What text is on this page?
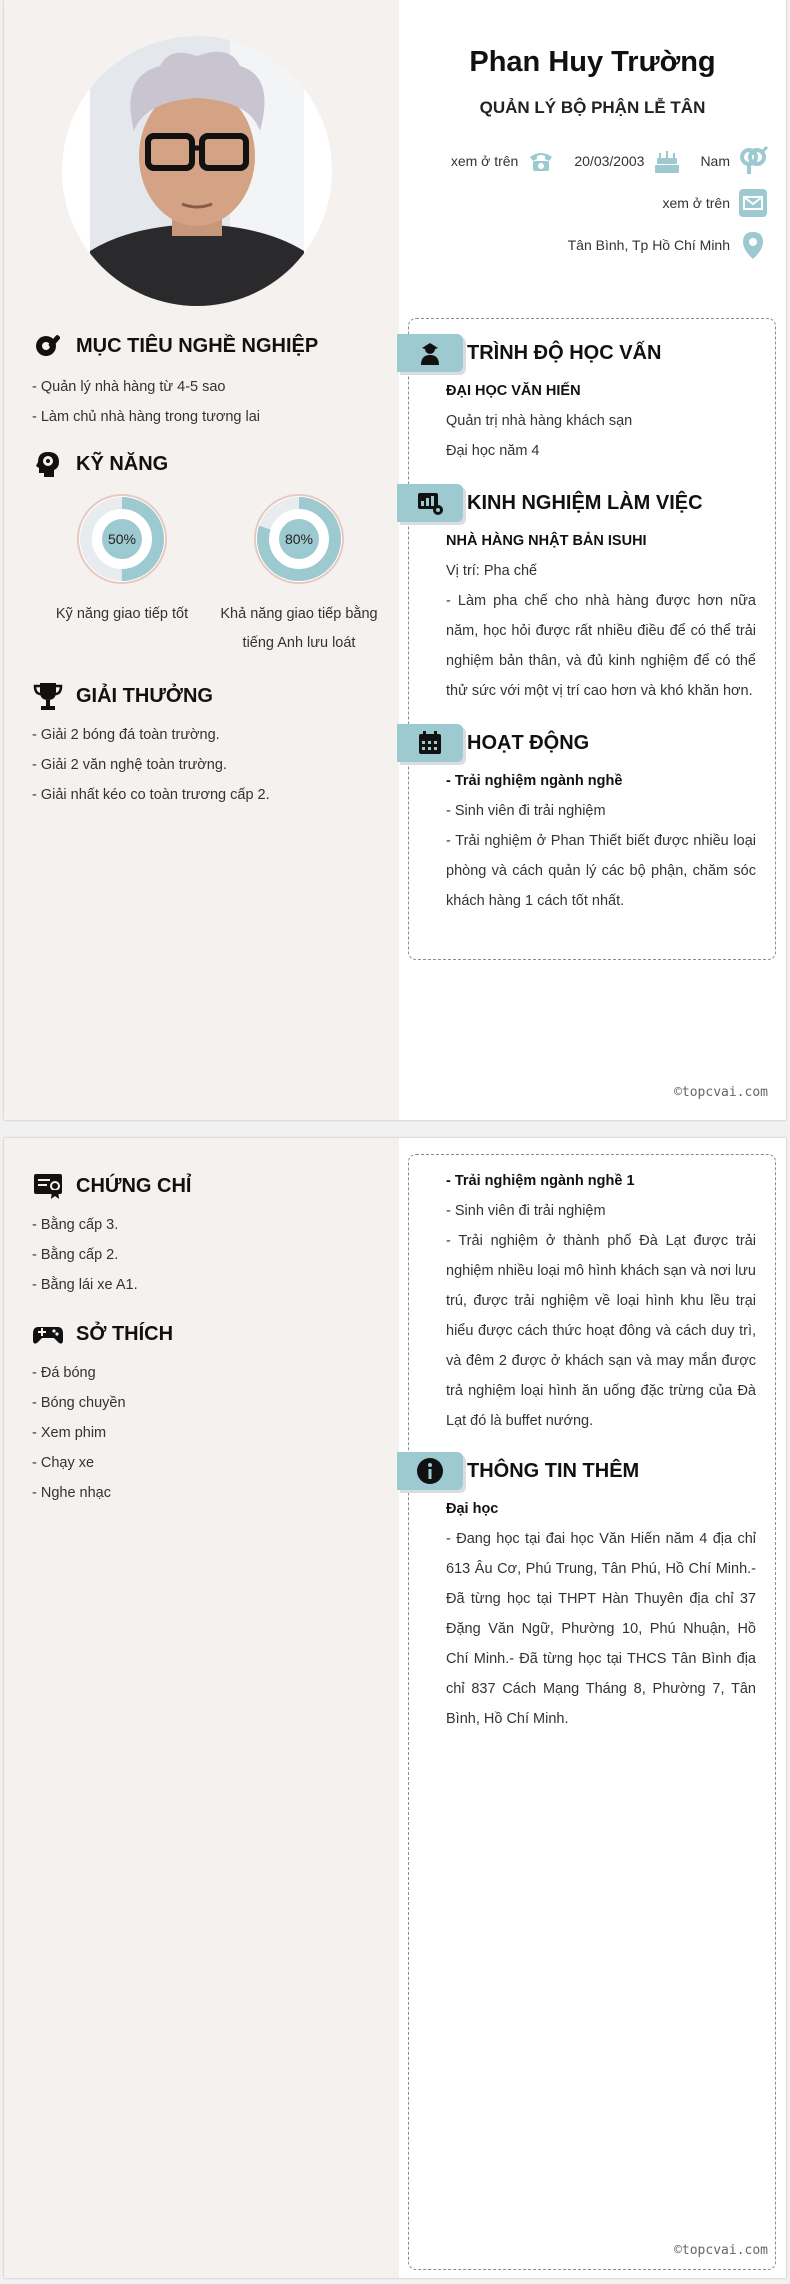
Phan Huy Trường
QUẢN LÝ BỘ PHẬN LỄ TÂN
xem ở trên	20/03/2003	Nam
xem ở trên
Tân Bình, Tp Hồ Chí Minh
MỤC TIÊU NGHỀ NGHIỆP
- Quản lý nhà hàng từ 4-5 sao
- Làm chủ nhà hàng trong tương lai
KỸ NĂNG
50%
Kỹ năng giao tiếp tốt
80%
Khả năng giao tiếp bằng
tiếng Anh lưu loát
GIẢI THƯỞNG
- Giải 2 bóng đá toàn trường.
- Giải 2 văn nghệ toàn trường.
- Giải nhất kéo co toàn trương cấp 2.
TRÌNH ĐỘ HỌC VẤN
ĐẠI HỌC VĂN HIẾN
Quản trị nhà hàng khách sạn
Đại học năm 4
KINH NGHIỆM LÀM VIỆC
NHÀ HÀNG NHẬT BẢN ISUHI
Vị trí: Pha chế
- Làm pha chế cho nhà hàng được hơn nữa năm, học hỏi được rất nhiều điều để có thể trải nghiệm bản thân, và đủ kinh nghiệm để có thể thử sức với một vị trí cao hơn và khó khăn hơn.
HOẠT ĐỘNG
- Trải nghiệm ngành nghề
- Sinh viên đi trải nghiệm
- Trải nghiệm ở Phan Thiết biết được nhiều loại phòng và cách quản lý các bộ phận, chăm sóc khách hàng 1 cách tốt nhất.
©topcvai.com
CHỨNG CHỈ
- Bằng cấp 3.
- Bằng cấp 2.
- Bằng lái xe A1.
SỞ THÍCH
- Đá bóng
- Bóng chuyền
- Xem phim
- Chạy xe
- Nghe nhạc
- Trải nghiệm ngành nghề 1
- Sinh viên đi trải nghiệm
- Trải nghiệm ở thành phố Đà Lạt được trải nghiệm nhiều loại mô hình khách sạn và nơi lưu trú, được trải nghiệm về loại hình khu lều trại hiểu được cách thức hoạt đông và cách duy trì, và đêm 2 được ở khách sạn và may mắn được trả nghiệm loại hình ăn uống đặc trừng của Đà Lạt đó là buffet nướng.
THÔNG TIN THÊM
Đại học
- Đang học tại đai học Văn Hiến năm 4 địa chỉ 613 Âu Cơ, Phú Trung, Tân Phú, Hồ Chí Minh.- Đã từng học tại THPT Hàn Thuyên địa chỉ 37 Đặng Văn Ngữ, Phường 10, Phú Nhuận, Hồ Chí Minh.- Đã từng học tại THCS Tân Bình địa chỉ 837 Cách Mạng Tháng 8, Phường 7, Tân Bình, Hồ Chí Minh.
©topcvai.com
